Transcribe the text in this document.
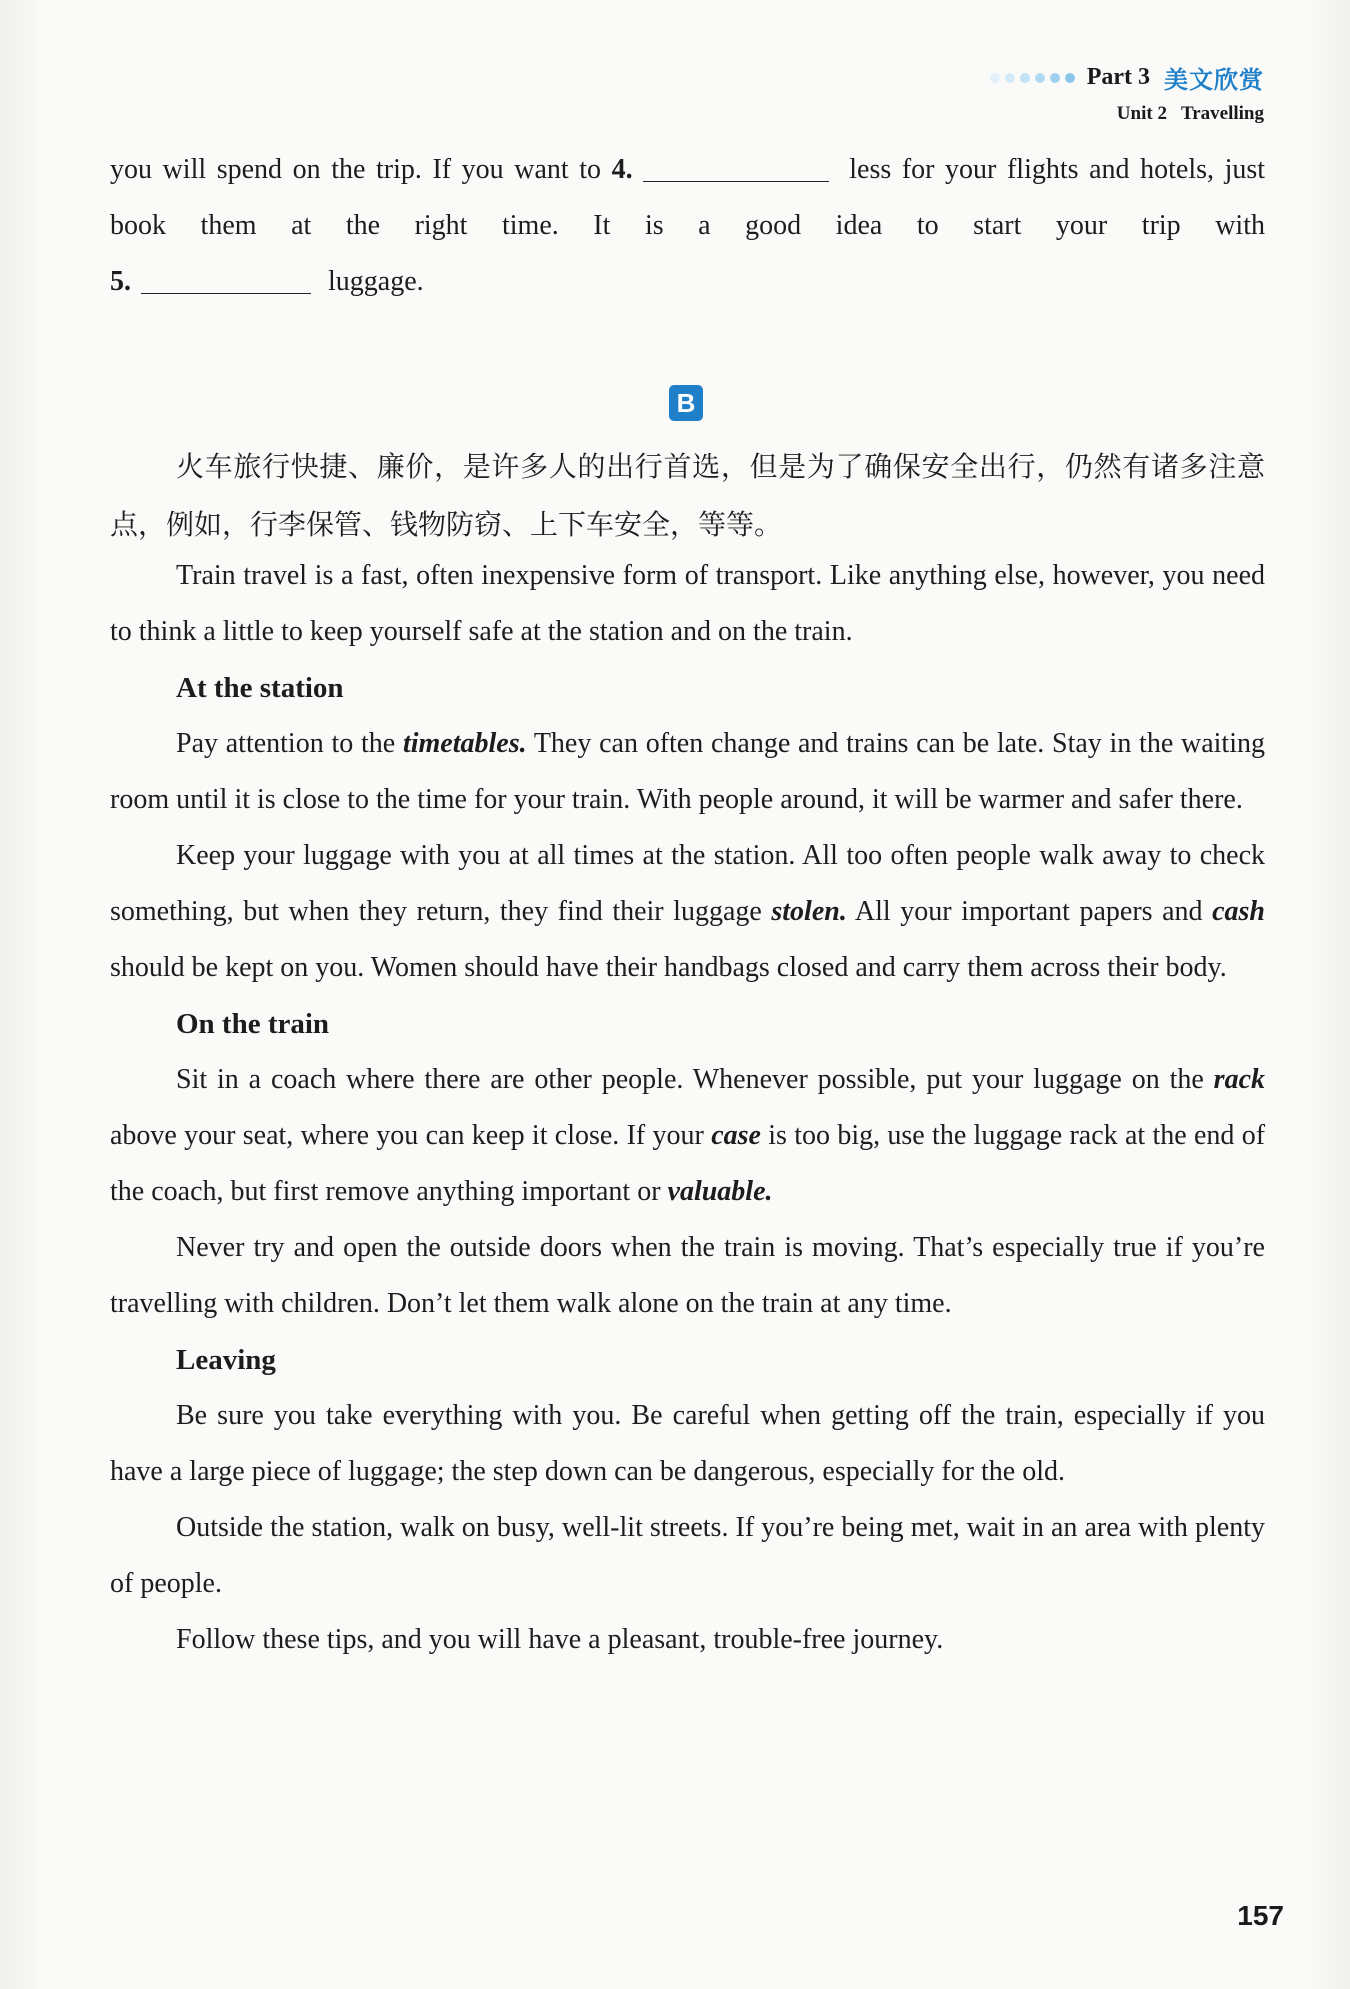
Part 3 美文欣赏
Unit 2 Travelling

you will spend on the trip. If you want to 4.	less for your flights and hotels, just book them at the right time. It is a good idea to start your trip with

5.	luggage.

B

火车旅行快捷、廉价，是许多人的出行首选，但是为了确保安全出行，仍然有诸多注意点，例如，行李保管、钱物防窃、上下车安全，等等。

Train travel is a fast, often inexpensive form of transport. Like anything else, however, you need to think a little to keep yourself safe at the station and on the train.

At the station

Pay attention to the timetables. They can often change and trains can be late. Stay in the waiting room until it is close to the time for your train. With people around, it will be warmer and safer there.

Keep your luggage with you at all times at the station. All too often people walk away to check something, but when they return, they find their luggage stolen. All your important papers and cash should be kept on you. Women should have their handbags closed and carry them across their body.

On the train

Sit in a coach where there are other people. Whenever possible, put your luggage on the rack above your seat, where you can keep it close. If your case is too big, use the luggage rack at the end of the coach, but first remove anything important or valuable.

Never try and open the outside doors when the train is moving. That’s especially true if you’re travelling with children. Don’t let them walk alone on the train at any time.

Leaving

Be sure you take everything with you. Be careful when getting off the train, especially if you have a large piece of luggage; the step down can be dangerous, especially for the old.

Outside the station, walk on busy, well-lit streets. If you’re being met, wait in an area with plenty of people.

Follow these tips, and you will have a pleasant, trouble-free journey.

157
